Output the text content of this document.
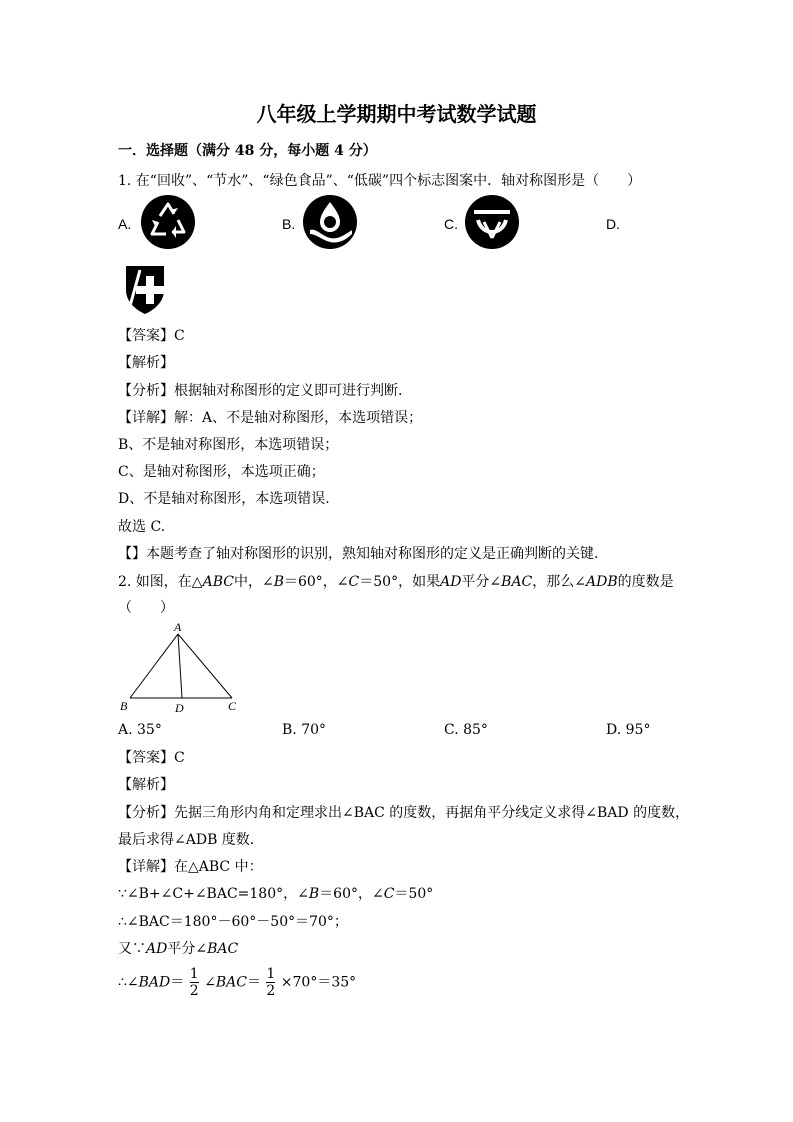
八年级上学期期中考试数学试题
一．选择题（满分 48 分，每小题 4 分）
1. 在“回收”、“节水”、“绿色食品”、“低碳”四个标志图案中．轴对称图形是（　　）
A.	B.	C.	D.
【答案】C
【解析】
【分析】根据轴对称图形的定义即可进行判断.
【详解】解：A、不是轴对称图形，本选项错误；
B、不是轴对称图形，本选项错误；
C、是轴对称图形，本选项正确；
D、不是轴对称图形，本选项错误.
故选 C.
【】本题考查了轴对称图形的识别，熟知轴对称图形的定义是正确判断的关键.
2. 如图，在△ABC中，∠B＝60°，∠C＝50°，如果AD平分∠BAC，那么∠ADB的度数是
（　　）
A
B	D	C
A. 35°	B. 70°	C. 85°	D. 95°
【答案】C
【解析】
【分析】先据三角形内角和定理求出∠BAC 的度数，再据角平分线定义求得∠BAD 的度数，
最后求得∠ADB 度数．
【详解】在△ABC 中：
∵∠B+∠C+∠BAC=180°，∠B＝60°，∠C＝50°
∴∠BAC＝180°－60°－50°＝70°；
又∵AD平分∠BAC
∴∠BAD＝ $\frac{1}{2}$ ∠BAC＝ $\frac{1}{2} \times 70^\circ=35^\circ$
